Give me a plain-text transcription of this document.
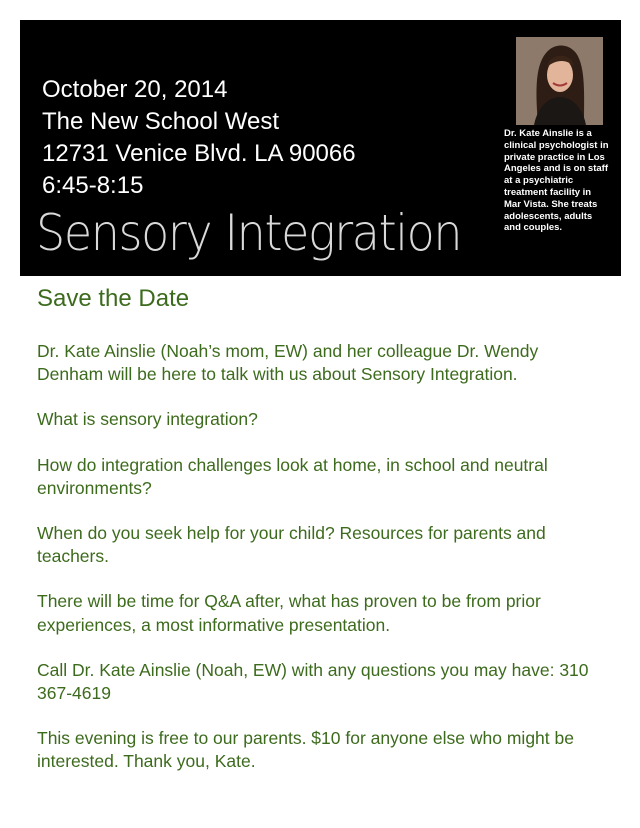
October 20, 2014
The New School West
12731 Venice Blvd. LA 90066
6:45-8:15
Sensory Integration
Dr. Kate Ainslie is a clinical psychologist in private practice in Los Angeles and is on staff at a psychiatric treatment facility in Mar Vista. She treats adolescents, adults and couples.
Save the Date

Dr. Kate Ainslie (Noah’s mom, EW) and her colleague Dr. Wendy Denham will be here to talk with us about Sensory Integration.

What is sensory integration?

How do integration challenges look at home, in school and neutral environments?

When do you seek help for your child? Resources for parents and teachers.

There will be time for Q&A after, what has proven to be from prior experiences, a most informative presentation.

Call Dr. Kate Ainslie (Noah, EW) with any questions you may have: 310 367-4619

This evening is free to our parents. $10 for anyone else who might be interested. Thank you, Kate.
